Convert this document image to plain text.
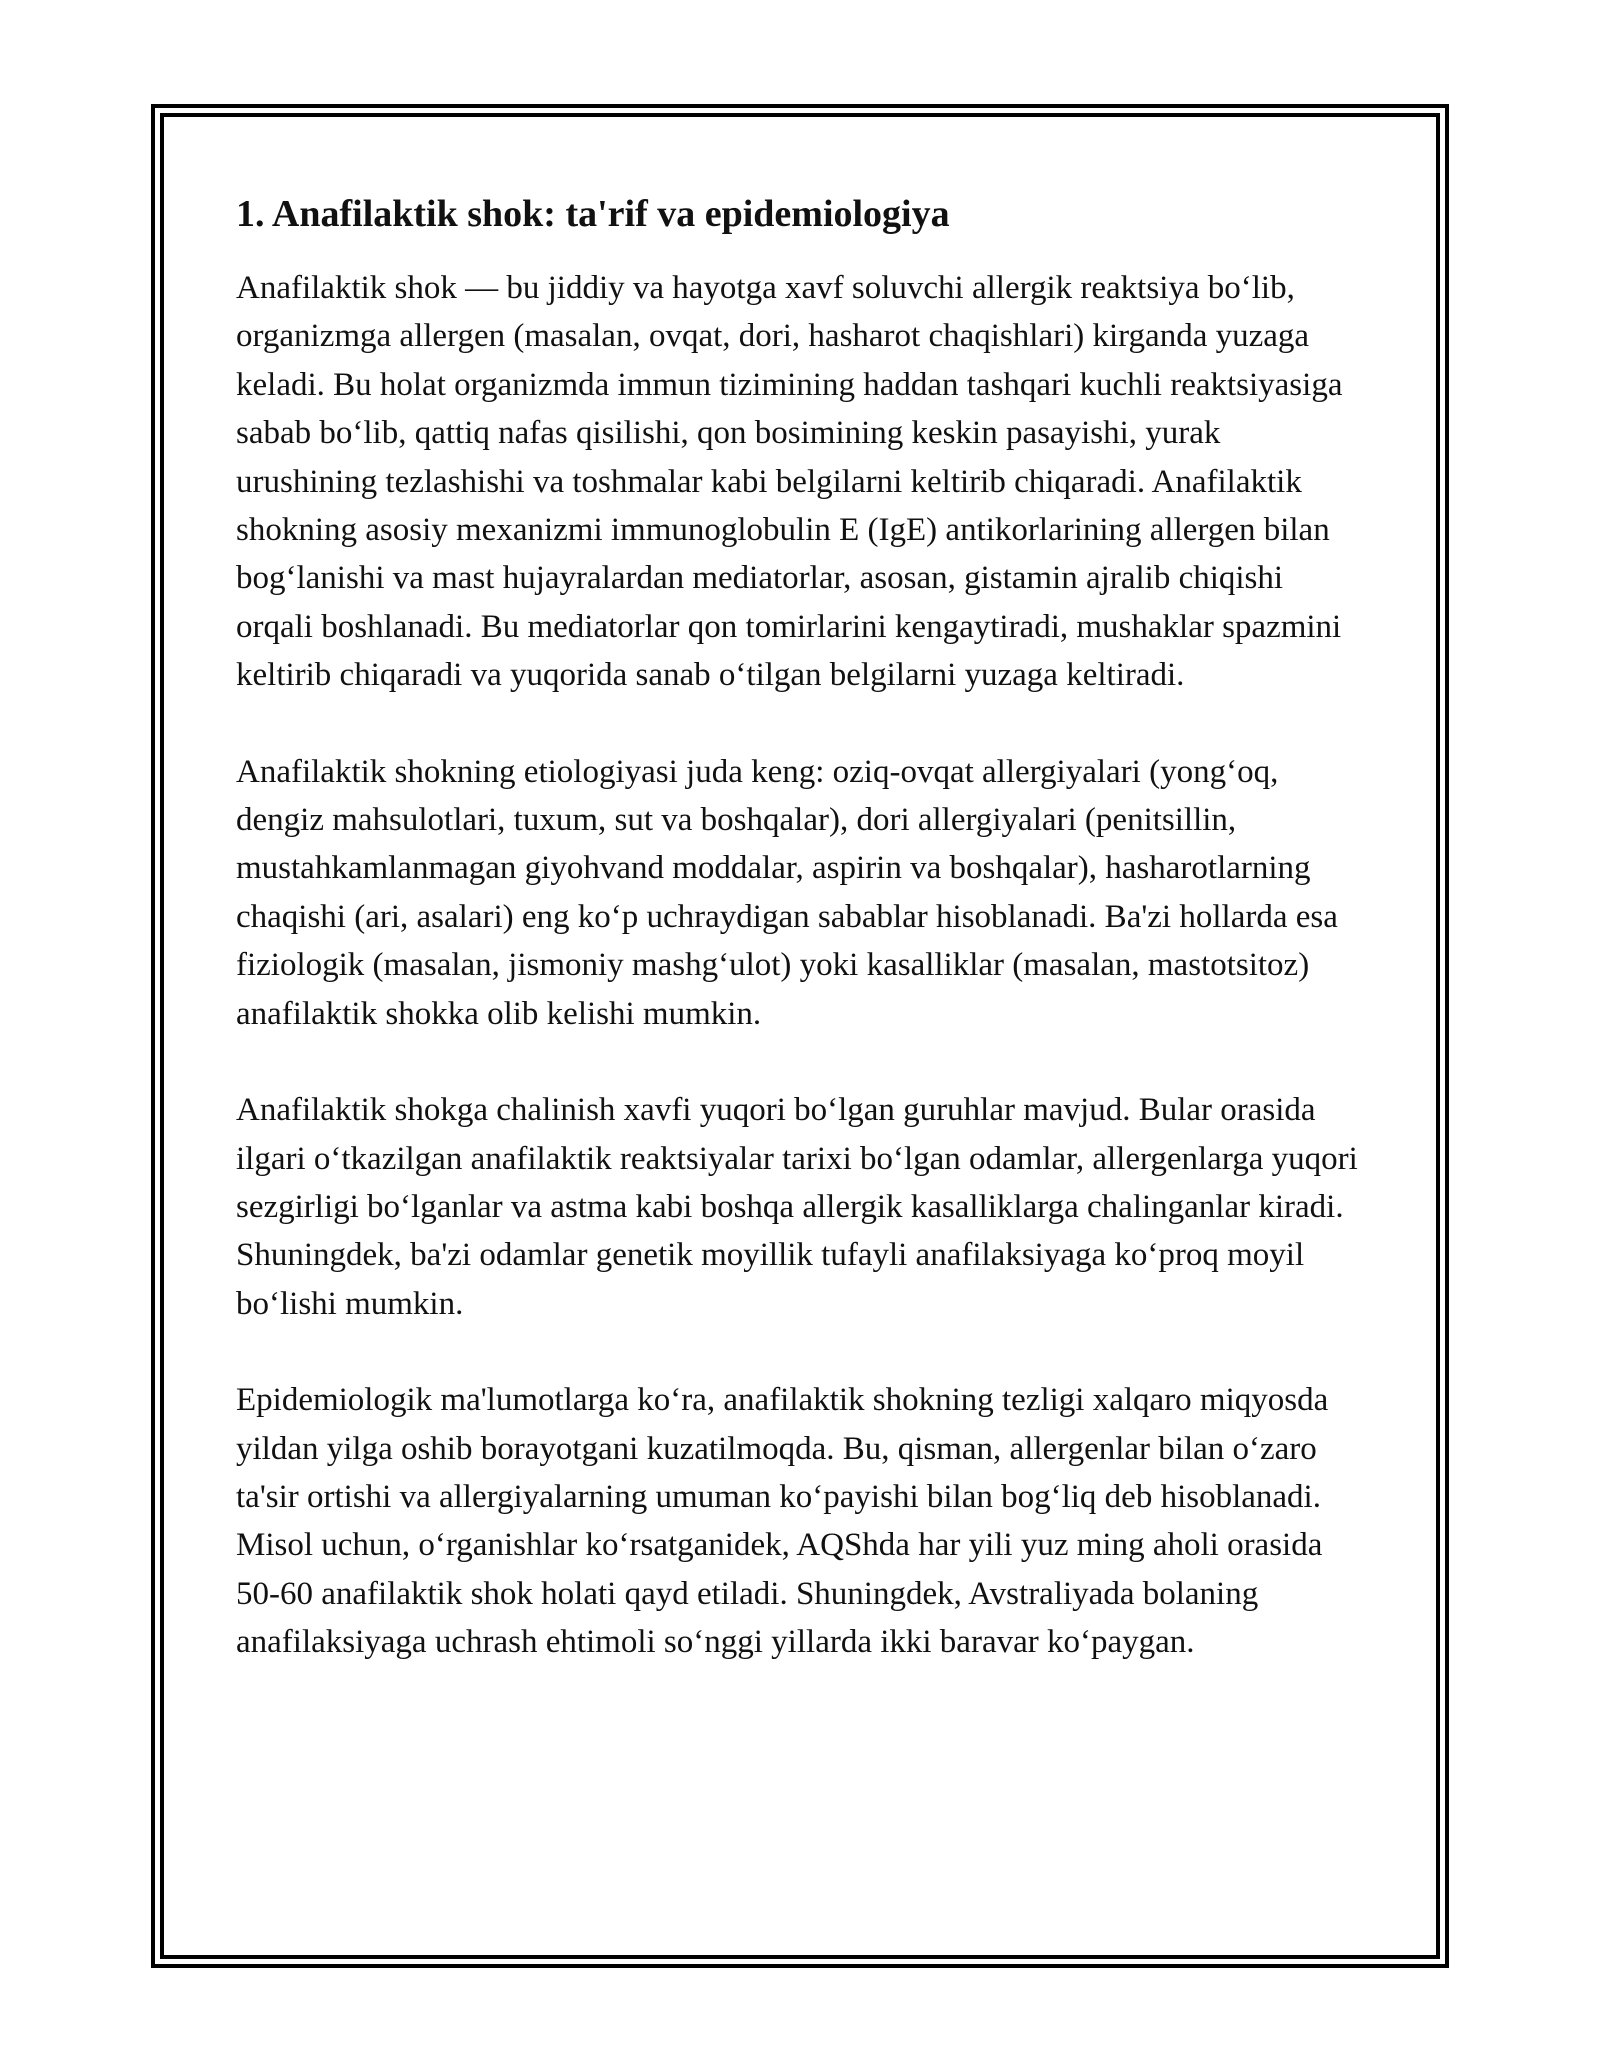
1. Anafilaktik shok: ta'rif va epidemiologiya

Anafilaktik shok — bu jiddiy va hayotga xavf soluvchi allergik reaktsiya bo‘lib, organizmga allergen (masalan, ovqat, dori, hasharot chaqishlari) kirganda yuzaga keladi. Bu holat organizmda immun tizimining haddan tashqari kuchli reaktsiyasiga sabab bo‘lib, qattiq nafas qisilishi, qon bosimining keskin pasayishi, yurak urushining tezlashishi va toshmalar kabi belgilarni keltirib chiqaradi. Anafilaktik shokning asosiy mexanizmi immunoglobulin E (IgE) antikorlarining allergen bilan bog‘lanishi va mast hujayralardan mediatorlar, asosan, gistamin ajralib chiqishi orqali boshlanadi. Bu mediatorlar qon tomirlarini kengaytiradi, mushaklar spazmini keltirib chiqaradi va yuqorida sanab o‘tilgan belgilarni yuzaga keltiradi.

Anafilaktik shokning etiologiyasi juda keng: oziq-ovqat allergiyalari (yong‘oq, dengiz mahsulotlari, tuxum, sut va boshqalar), dori allergiyalari (penitsillin, mustahkamlanmagan giyohvand moddalar, aspirin va boshqalar), hasharotlarning chaqishi (ari, asalari) eng ko‘p uchraydigan sabablar hisoblanadi. Ba'zi hollarda esa fiziologik (masalan, jismoniy mashg‘ulot) yoki kasalliklar (masalan, mastotsitoz) anafilaktik shokka olib kelishi mumkin.

Anafilaktik shokga chalinish xavfi yuqori bo‘lgan guruhlar mavjud. Bular orasida ilgari o‘tkazilgan anafilaktik reaktsiyalar tarixi bo‘lgan odamlar, allergenlarga yuqori sezgirligi bo‘lganlar va astma kabi boshqa allergik kasalliklarga chalinganlar kiradi. Shuningdek, ba'zi odamlar genetik moyillik tufayli anafilaksiyaga ko‘proq moyil bo‘lishi mumkin.

Epidemiologik ma'lumotlarga ko‘ra, anafilaktik shokning tezligi xalqaro miqyosda yildan yilga oshib borayotgani kuzatilmoqda. Bu, qisman, allergenlar bilan o‘zaro ta'sir ortishi va allergiyalarning umuman ko‘payishi bilan bog‘liq deb hisoblanadi. Misol uchun, o‘rganishlar ko‘rsatganidek, AQShda har yili yuz ming aholi orasida 50-60 anafilaktik shok holati qayd etiladi. Shuningdek, Avstraliyada bolaning anafilaksiyaga uchrash ehtimoli so‘nggi yillarda ikki baravar ko‘paygan.
